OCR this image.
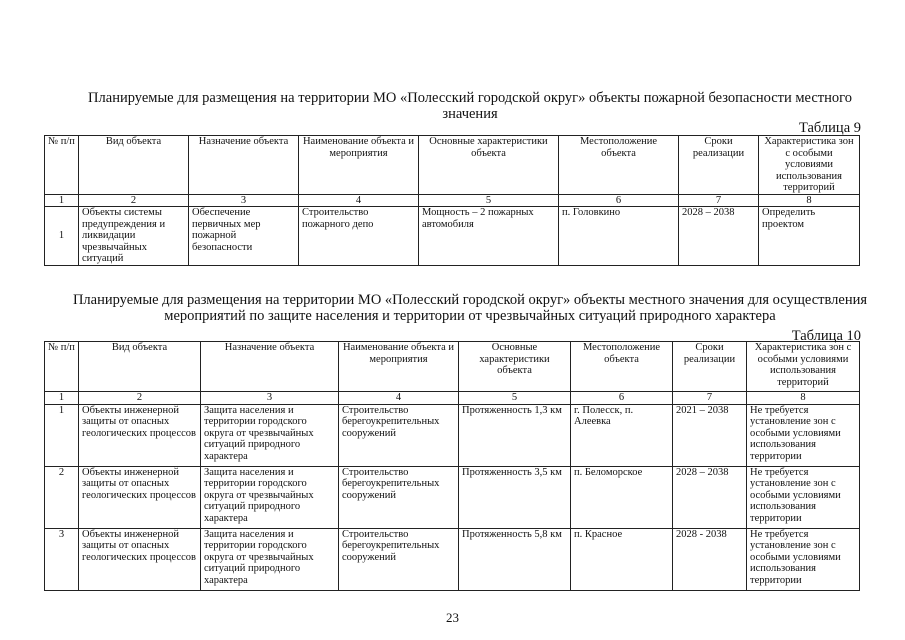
Планируемые для размещения на территории МО «Полесский городской округ» объекты пожарной безопасности местного значения
Таблица 9
№ п/п	Вид объекта	Назначение объекта	Наименование объекта и мероприятия	Основные характеристики объекта	Местоположение объекта	Сроки реализации	Характеристика зон с особыми условиями использования территорий
1	2	3	4	5	6	7	8
1	Объекты системы предупреждения и ликвидации чрезвычайных ситуаций	Обеспечение первичных мер пожарной безопасности	Строительство пожарного депо	Мощность – 2 пожарных автомобиля	п. Головкино	2028 – 2038	Определить проектом
Планируемые для размещения на территории МО «Полесский городской округ» объекты местного значения для осуществления мероприятий по защите населения и территории от чрезвычайных ситуаций природного характера
Таблица 10
№ п/п	Вид объекта	Назначение объекта	Наименование объекта и мероприятия	Основные характеристики объекта	Местоположение объекта	Сроки реализации	Характеристика зон с особыми условиями использования территорий
1	2	3	4	5	6	7	8
1	Объекты инженерной защиты от опасных геологических процессов	Защита населения и территории городского округа от чрезвычайных ситуаций природного характера	Строительство берегоукрепительных сооружений	Протяженность 1,3 км	г. Полесск, п. Алеевка	2021 – 2038	Не требуется установление зон с особыми условиями использования территории
2	Объекты инженерной защиты от опасных геологических процессов	Защита населения и территории городского округа от чрезвычайных ситуаций природного характера	Строительство берегоукрепительных сооружений	Протяженность 3,5 км	п. Беломорское	2028 – 2038	Не требуется установление зон с особыми условиями использования территории
3	Объекты инженерной защиты от опасных геологических процессов	Защита населения и территории городского округа от чрезвычайных ситуаций природного характера	Строительство берегоукрепительных сооружений	Протяженность 5,8 км	п. Красное	2028 - 2038	Не требуется установление зон с особыми условиями использования территории
23
